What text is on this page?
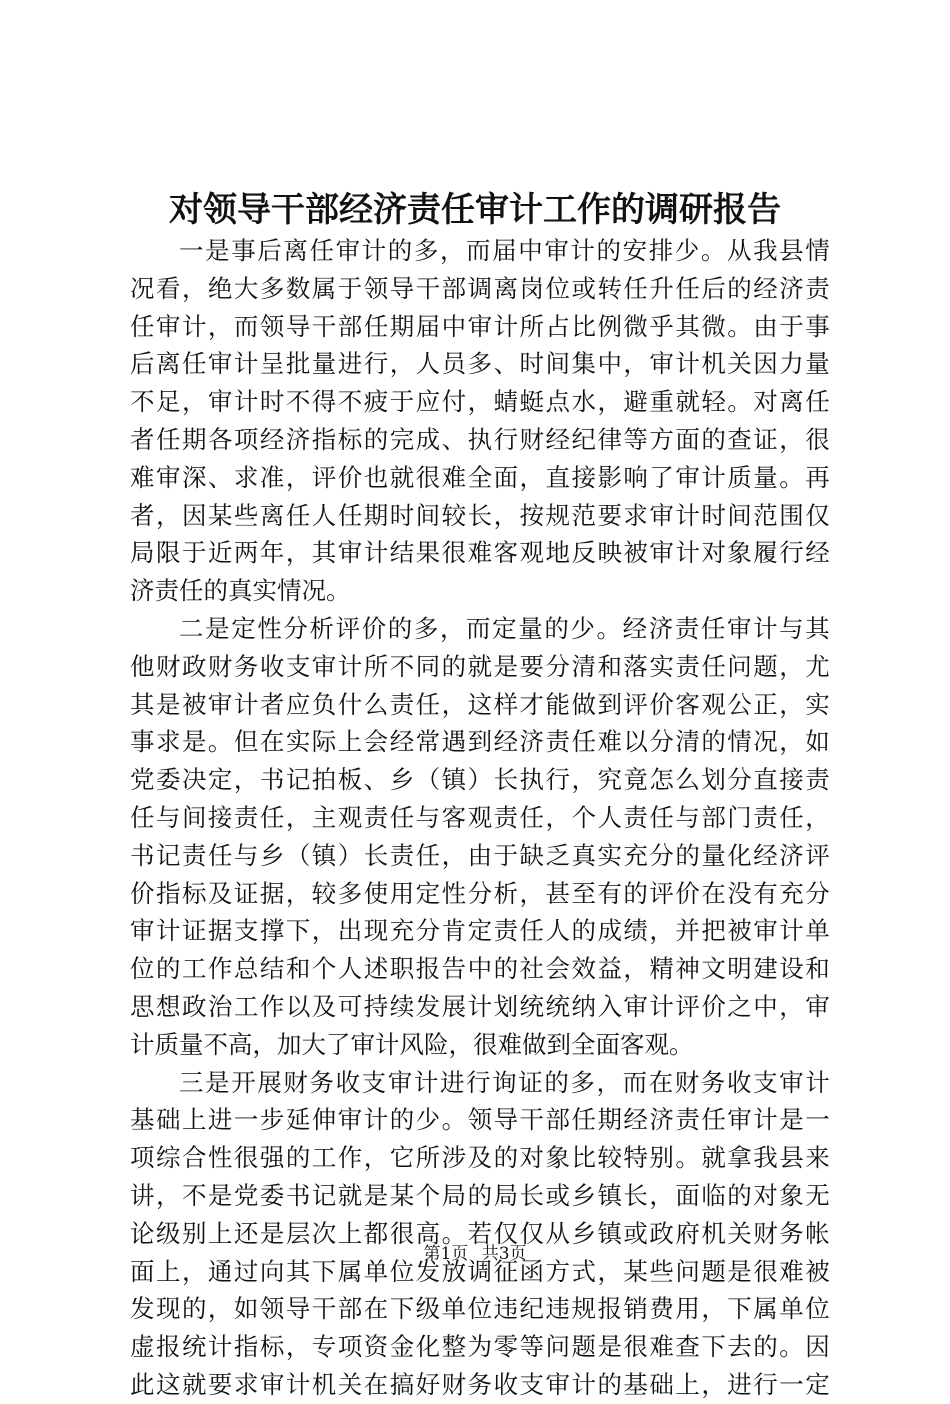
对领导干部经济责任审计工作的调研报告
一 是 事 后 离 任 审 计 的 多 ， 而 届 中 审 计 的 安 排 少 。 从 我 县 情
况 看 ， 绝 大 多 数 属 于 领 导 干 部 调 离 岗 位 或 转 任 升 任 后 的 经 济 责
任 审 计 ， 而 领 导 干 部 任 期 届 中 审 计 所 占 比 例 微 乎 其 微 。 由 于 事
后 离 任 审 计 呈 批 量 进 行 ， 人 员 多 、 时 间 集 中 ， 审 计 机 关 因 力 量
不 足 ， 审 计 时 不 得 不 疲 于 应 付 ， 蜻 蜓 点 水 ， 避 重 就 轻 。 对 离 任
者 任 期 各 项 经 济 指 标 的 完 成 、 执 行 财 经 纪 律 等 方 面 的 查 证 ， 很
难 审 深 、 求 准 ， 评 价 也 就 很 难 全 面 ， 直 接 影 响 了 审 计 质 量 。 再
者 ， 因 某 些 离 任 人 任 期 时 间 较 长 ， 按 规 范 要 求 审 计 时 间 范 围 仅
局 限 于 近 两 年 ， 其 审 计 结 果 很 难 客 观 地 反 映 被 审 计 对 象 履 行 经
济责任的真实情况。
二 是 定 性 分 析 评 价 的 多 ， 而 定 量 的 少 。 经 济 责 任 审 计 与 其
他 财 政 财 务 收 支 审 计 所 不 同 的 就 是 要 分 清 和 落 实 责 任 问 题 ， 尤
其 是 被 审 计 者 应 负 什 么 责 任 ， 这 样 才 能 做 到 评 价 客 观 公 正 ， 实
事 求 是 。 但 在 实 际 上 会 经 常 遇 到 经 济 责 任 难 以 分 清 的 情 况 ， 如
党 委 决 定 ， 书 记 拍 板 、 乡 （ 镇 ） 长 执 行 ， 究 竟 怎 么 划 分 直 接 责
任 与 间 接 责 任 ， 主 观 责 任 与 客 观 责 任 ， 个 人 责 任 与 部 门 责 任 ，
书 记 责 任 与 乡 （ 镇 ） 长 责 任 ， 由 于 缺 乏 真 实 充 分 的 量 化 经 济 评
价 指 标 及 证 据 ， 较 多 使 用 定 性 分 析 ， 甚 至 有 的 评 价 在 没 有 充 分
审 计 证 据 支 撑 下 ， 出 现 充 分 肯 定 责 任 人 的 成 绩 ， 并 把 被 审 计 单
位 的 工 作 总 结 和 个 人 述 职 报 告 中 的 社 会 效 益 ， 精 神 文 明 建 设 和
思 想 政 治 工 作 以 及 可 持 续 发 展 计 划 统 统 纳 入 审 计 评 价 之 中 ， 审
计质量不高，加大了审计风险，很难做到全面客观。
三 是 开 展 财 务 收 支 审 计 进 行 询 证 的 多 ， 而 在 财 务 收 支 审 计
基 础 上 进 一 步 延 伸 审 计 的 少 。 领 导 干 部 任 期 经 济 责 任 审 计 是 一
项 综 合 性 很 强 的 工 作 ， 它 所 涉 及 的 对 象 比 较 特 别 。 就 拿 我 县 来
讲 ， 不 是 党 委 书 记 就 是 某 个 局 的 局 长 或 乡 镇 长 ， 面 临 的 对 象 无
论 级 别 上 还 是 层 次 上 都 很 高 。 若 仅 仅 从 乡 镇 或 政 府 机 关 财 务 帐
面 上 ， 通 过 向 其 下 属 单 位 发 放 调 征 函 方 式 ， 某 些 问 题 是 很 难 被
发 现 的 ， 如 领 导 干 部 在 下 级 单 位 违 纪 违 规 报 销 费 用 ， 下 属 单 位
虚 报 统 计 指 标 ， 专 项 资 金 化 整 为 零 等 问 题 是 很 难 查 下 去 的 。 因
此 这 就 要 求 审 计 机 关 在 搞 好 财 务 收 支 审 计 的 基 础 上 ， 进 行 一 定
第1页 共3页
